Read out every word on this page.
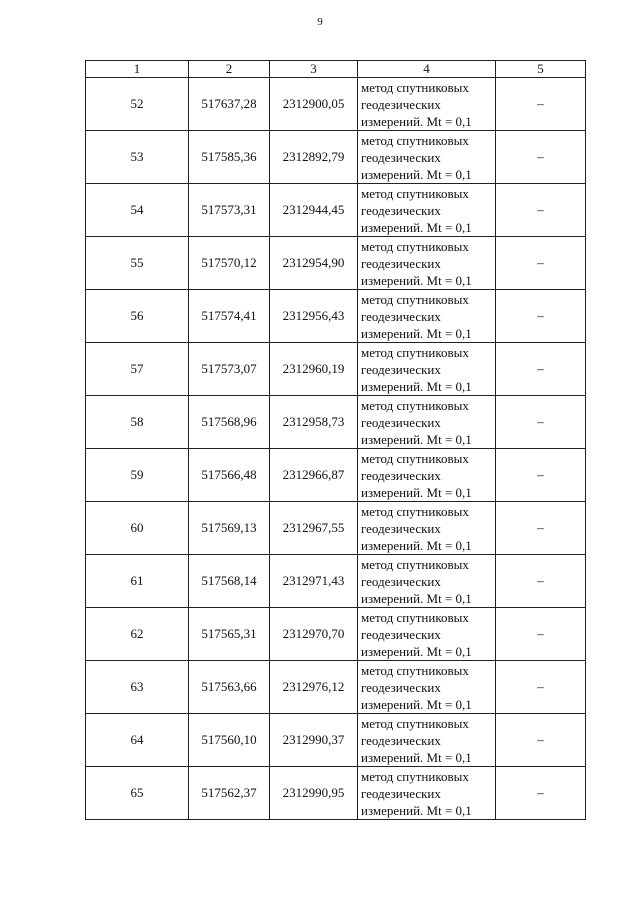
9
1	2	3	4	5
52	517637,28	2312900,05	метод спутниковых
геодезических
измерений. Mt = 0,1	–
53	517585,36	2312892,79	метод спутниковых
геодезических
измерений. Mt = 0,1	–
54	517573,31	2312944,45	метод спутниковых
геодезических
измерений. Mt = 0,1	–
55	517570,12	2312954,90	метод спутниковых
геодезических
измерений. Mt = 0,1	–
56	517574,41	2312956,43	метод спутниковых
геодезических
измерений. Mt = 0,1	–
57	517573,07	2312960,19	метод спутниковых
геодезических
измерений. Mt = 0,1	–
58	517568,96	2312958,73	метод спутниковых
геодезических
измерений. Mt = 0,1	–
59	517566,48	2312966,87	метод спутниковых
геодезических
измерений. Mt = 0,1	–
60	517569,13	2312967,55	метод спутниковых
геодезических
измерений. Mt = 0,1	–
61	517568,14	2312971,43	метод спутниковых
геодезических
измерений. Mt = 0,1	–
62	517565,31	2312970,70	метод спутниковых
геодезических
измерений. Mt = 0,1	–
63	517563,66	2312976,12	метод спутниковых
геодезических
измерений. Mt = 0,1	–
64	517560,10	2312990,37	метод спутниковых
геодезических
измерений. Mt = 0,1	–
65	517562,37	2312990,95	метод спутниковых
геодезических
измерений. Mt = 0,1	–
